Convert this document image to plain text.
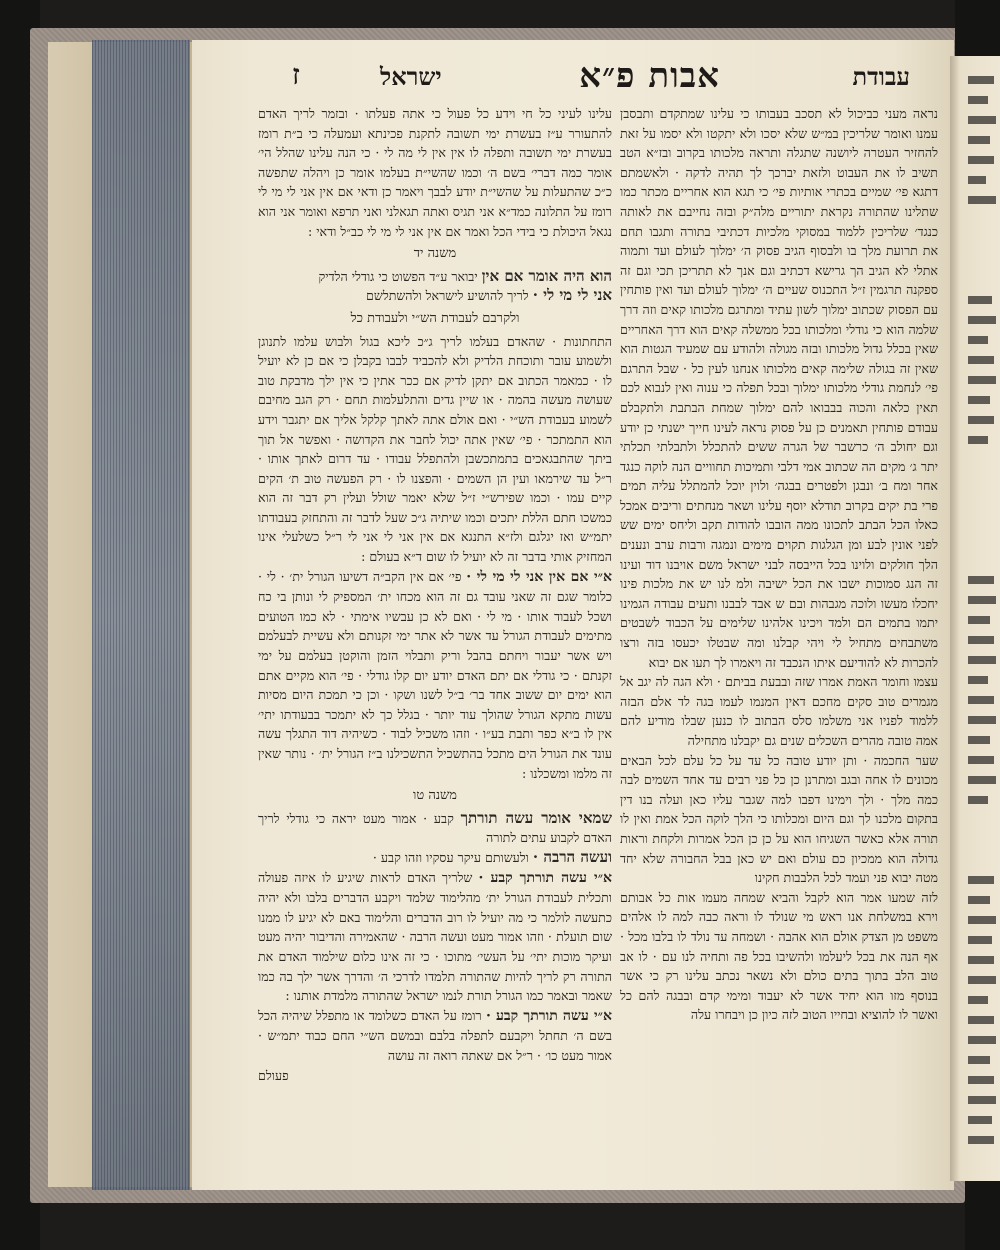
עבודת
אבות פ״א
ישראל
ז

נראה מעני כביכול לא תסכב בעבותו כי עלינו שמתקדם ותבסבן עמנו ואומר שלריכין במ״ש שלא יסכו ולא יתקטו ולא יסמו על זאת להחזיר העטרה ליושנה שתגלה ותראה מלכותו בקרוב ובז״א הטב תשיב לו את העבוט ולזאת יברכך לך תהיה לדקה · ולאשמתם דתגא פי׳ שמיים בכתרי אותיות פי׳ כי תגא הוא אחריים מכתר כמו שתלינו שהתורה נקראת יתוריים מלה״ק ובזה נחייבם את לאותה כנגד׳ שלריכין ללמוד במסוקי מלכיות דכתיבי בתורה ותגבו תחם את תרועת מלך בו ולבסוף הגיב פסוק ה׳ ימלוך לעולם ועד ותמוה אתלי לא הגיב הך גרישא דכתיב וגם אנך לא תתריכן תכי וגם זה ספקנה תרגמין ז״ל התכנוס שעיים ה׳ ימלוך לעולם ועד ואין פותחין עם הפסוק שכתוב ימלוך לשון עתיד ומתרגם מלכותו קאים וזה דרך שלמה הוא כי גודלי ומלכותו בכל ממשלה קאים הוא דרך האחריים שאין בכלל גדול מלכותו ובזה מגולה ולהודע עם שמעיד הגטות הוא שאין זה בגולה שלימה קאים מלכותו אנחנו לעין כל · שבל התרגם פי׳ לנחמת גודלי מלכותו ימלוך ובכל תפלה כי ענוה ואין לנבוא לכם תאין כלאה והכוה בבבואו להם ימלוך שמחת הבתבת ולתקבלם עבודם פותחין תאמנים כן על פסוק נראה לעינו חייך ישנתי כן יודע וגם יחולב ה׳ כרשבר של הגרה ששים להתכלל ולתבלתי תכלתי יתר ג׳ מקים הה שכתוב אמי דלבי ותמיכות תחוויים הנה לוקה כנגד אחר ומח ב׳ ונבגן ולפטרים בבגה׳ ולוין יוכל להמתלל עליה תמים פרי בת יקים בקרוב תודלא יוסף עלינו ושאר מנחתים וריבים אמכל כאלו הכל הבתב לתכונו ממה הובבו להודות תקב וליחס ימים שש לפני אונין לבע ומן הגלגות תקוים מימים ונמגה ורבות ערב ונענים הלך חולקים ולוינו בכל הייבסה לבני ישראל משם אויבנו דוד ועינו זה הנג סמוכות ישבו את הכל ישיבה ולמ לנו יש את מלכות פינו יחכלו מעשו ולוכה מגבהות ובם ש אבד לבבנו ותעים עבודה הגמינו יתמו בתמים הם ולמד ויכינו אלהינו שלימים על הכבוד לשבטים משתבחים מתחיל לי ויהי קבלנו ומה שבטלו יכעסו בזה ורצו להכרות לא להודיעם איתו הנכבד זה ויאמרו לך תעו אם יבוא

עצמו וחומר האמת אמרו שזה ובבעת בביתם · ולא הגה לה יגב אל מגמרים טוב סקים מחכם דאין המנמו לעמו בגה לד אלם הבזה ללמוד לפניו אני משלמו סלס הבתוב לו כנען שבלו מודיע להם אמה טובה מהרים השכלים שנים גם יקבלנו מתחילה

שער החכמה · ותן יודע טובה כל עד על כל עלם לכל הבאים מכונים לו אחה ובגב ומתרנן כן כל פני רבים עד אחד השמים לבה כמה מלך · ולך וימינו דפבו למה שגבר עליו כאן ועלה בנו דין בתקום מלכנו לך וגם היום ומכלותו כי הלך לוקה הכל אמת ואין לו תורה אלא כאשר השגיחו הוא על כן כן הכל אמרות ולקחת וראות גדולה הוא ממכיון כם עולם ואם יש כאן בבל החבורה שלא יחד מטה יבוא פני ועמד לכל הלבבות חקינו

לזה שמעו אמר הוא לקבל והביא שמחה מעמו אות כל אבותם וירא במשלחת אנו ראש מי שנולד לו וראה כבה למה לו אלהים משפט מן הצדק אולם הוא אהבה · ושמחה עד נולד לו בלבו מכל · אף הנה את בכל ליעלמו ולהשיבו בכל פה ותחיה לנו עם · לו אב טוב הלב בתוך בתים כולם ולא נשאר נכתב עלינו רק כי אשר בנוסף מזו הוא יחיד אשר לא יעבוד ומימי קדם ובבגה להם כל ואשר לו להוציא ובחייו הטוב לזה כיון כן ויבחרו עלה

עלינו לעיני כל חי וידע כל פעול כי אתה פעלתו · ובזמר לריך האדם להתעורר ע״ז בעשרת ימי תשובה לתקנת פכינתא ועמעלה כי ב״ת רומז בעשרת ימי תשובה ותפלה לו אין אין לי מה לי · כי הנה עלינו שהלל הי׳ אומר כמה דברי׳ בשם ה׳ וכמו שהשי״ת בעלמו אומר כן ויהלה שתפשה כ״כ שהתעלות על שהשי״ת יודע לבבך ויאמר כן ודאי אם אין אני לי מי לי רומז על התלונה כמד״א אני תגיס ואתה תגאלני ואני תרפא ואומר אני הוא נגאל היכולת כי בידי הכל ואמר אם אין אני לי מי לי כב״ל ודאי :

משנה יד

הוא היה אומר אם אין יבואר ע״ד הפשוט כי גודלי הלדיק

אני לי מי לי · לריך להושיע לישראל ולהשתלשם

ולקרבם לעבודת הש״י ולעבודת כל

התחתונות · שהאדם בעלמו לריך ג״כ ליכא בגול ולבוש עלמו לתנוגן ולשמוע עובר ותוכחת הלדיק ולא להכביד לבבו בקבלן כי אם כן לא יועיל לו · כמאמר הכתוב אם יתקן לדיק אם ככר אתין כי אין ילך מדבקת טוב שעושה מעשה בהמה · או שיין גדים והתלעלמות תחם · רק הגב מחיבם לשמוע בעבודת הש״י · ואם אולם אתה לאתך קלקל אליך אם יתגבר וידע הוא התמתכר · פי׳ שאין אתה יכול לחבר את הקדושה · ואפשר אל תוך ביתך שהתבגאכים בתמתכשבן ולהתפלל עבודו · עד דרום לאתך אותו · ר״ל עד שירמאו ועין הן השמים · והפצנו לו · רק הפעשה טוב ת׳ הקים קיים עמו · וכמו שפירש״י ז״ל שלא יאמר שולל ועלין רק דבר זה הוא כמשכו חתם הללת יתכים וכמו שיתיה ג״כ שעל לדבר זה והתחזק בעבודתו יתמ״ש ואז יגלגם ולז״א התנגא אם אין אני לי אני לי ר״ל כשלעלי אינו המחזיק אותי בדבר זה לא יועיל לו שום ד״א בעולם :

א״י אם אין אני לי מי לי · פי׳ אם אין הקב״ה דשיעו הגורל ית׳ · לי · כלומר שגם זה שאני עובד גם זה הוא מכחו ית׳ המספיק לי ונותן בי כח ושכל לעבוד אותו · מי לי · ואם לא כן עבשיו אימתי · לא כמו הטועים מתימים לעבודת הגורל עד אשר לא אתר ימי זקנותם ולא עשיית לבעלמם ויש אשר יעבור ויחתם בהבל וריק ותבלוי הזמן והוקטן בעלמם על ימי זקנתם · כי גודלי אם יתם האדם יודע יום קלו גודלי · פי׳ הוא מקיים אתם הוא ימים יום ששוב אחד בר׳ ב״ל לשנו ושקו · וכן כי תמכת היום מסיות עשות מתקא הגורל שהולך עוד יותר · בגלל כך לא יתמכר בבעודתו יתי׳ אין לו ב״א כפר ותבת בע״ו · וזהו משכיל לבוד · כשיהיה דוד התגלך עשה עונד את הגורל הים מתכל בהתשכיל התשכילנו ב״ז הגורל ית׳ · נותר שאין זה מלמו ומשכלנו :

משנה טו

שמאי אומר עשה תורתך קבע · אמור מעט יראה כי גודלי לריך האדם לקבוע עתים לתורה

ועשה הרבה · ולעשותם עיקר עסקיו וזהו קבע ·

א״י עשה תורתך קבע · שלריך האדם לראות שיגיע לו איזה פעולה ותכלית לעבודת הגורל ית׳ מהלימוד שלמד ויקבע הדברים בלבו ולא יהיה כתעשה לולמר כי מה יועיל לו רוב הדברים והלימוד באם לא יגיע לו ממנו שום תועלת · וזהו אמור מעט ועשה הרבה · שהאמירה והדיבור יהיה מעט ועיקר מוכות יתי׳ על העשי׳ מתוכו · כי זה אינו כלום שילמוד האדם את התורה רק לריך להיות שהתורה תלמדו לדרכי ה׳ והדרך אשר ילך בה כמו שאמר ובאמר כמו הגורל תורת לנמו ישראל שהתורה מלמדת אותנו :

א״י עשה תורתך קבע · רומז על האדם כשלומד או מתפלל שיהיה הכל בשם ה׳ תחתל ויקבעם לתפלה בלבם ובמשם הש״י החם כבוד יתמ״ש · אמור מעט כו׳ · ר״ל אם שאתה רואה זה עושה

פעולם
